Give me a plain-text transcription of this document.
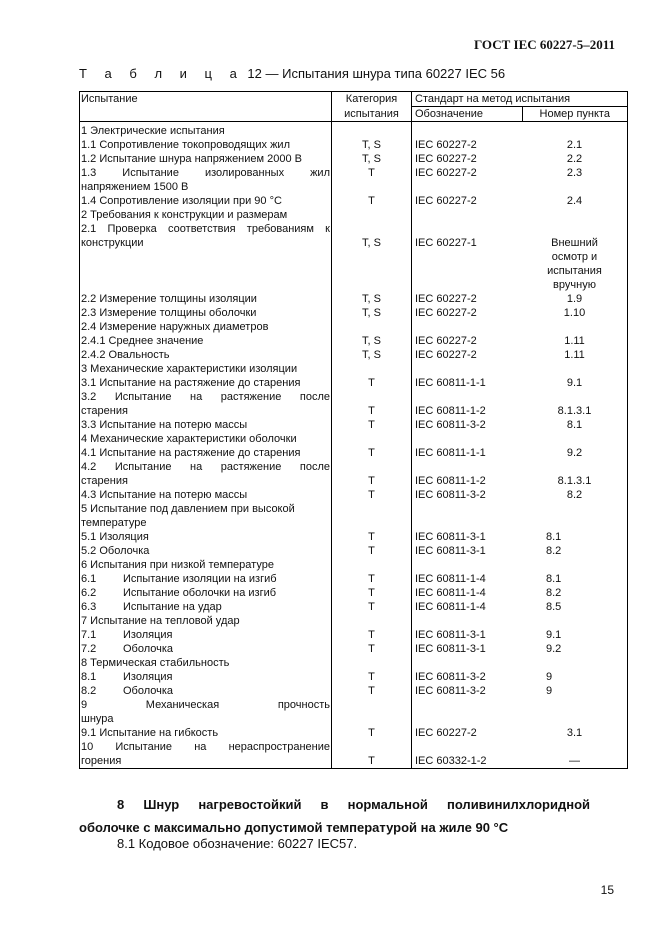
ГОСТ IEC 60227-5–2011
Т а б л и ц а 12 — Испытания шнура типа 60227 IEC 56
Испытание	Категория	Стандарт на метод испытания	
	испытания	Обозначение	Номер пункта
1 Электрические испытания			
1.1 Сопротивление токопроводящих жил	T, S	IEC 60227-2	2.1
1.2 Испытание шнура напряжением 2000 В	T, S	IEC 60227-2	2.2
1.3 Испытание изолированных жил	T	IEC 60227-2	2.3
напряжением 1500 В			
1.4 Сопротивление изоляции при 90 °С	T	IEC 60227-2	2.4
2 Требования к конструкции и размерам			
2.1 Проверка соответствия требованиям к			
конструкции	T, S	IEC 60227-1	Внешний
			осмотр и
			испытания
			вручную
2.2 Измерение толщины изоляции	T, S	IEC 60227-2	1.9
2.3 Измерение толщины оболочки	T, S	IEC 60227-2	1.10
2.4 Измерение наружных диаметров			
2.4.1 Среднее значение	T, S	IEC 60227-2	1.11
2.4.2 Овальность	T, S	IEC 60227-2	1.11
3 Механические характеристики изоляции			
3.1 Испытание на растяжение до старения	T	IEC 60811-1-1	9.1
3.2 Испытание на растяжение после			
старения	T	IEC 60811-1-2	8.1.3.1
3.3 Испытание на потерю массы	T	IEC 60811-3-2	8.1
4 Механические характеристики оболочки			
4.1 Испытание на растяжение до старения	T	IEC 60811-1-1	9.2
4.2 Испытание на растяжение после			
старения	T	IEC 60811-1-2	8.1.3.1
4.3 Испытание на потерю массы	T	IEC 60811-3-2	8.2
5 Испытание под давлением при высокой			
температуре			
5.1 Изоляция	T	IEC 60811-3-1	8.1
5.2 Оболочка	T	IEC 60811-3-1	8.2
6 Испытания при низкой температуре			
6.1 Испытание изоляции на изгиб	T	IEC 60811-1-4	8.1
6.2 Испытание оболочки на изгиб	T	IEC 60811-1-4	8.2
6.3 Испытание на удар	T	IEC 60811-1-4	8.5
7 Испытание на тепловой удар			
7.1 Изоляция	T	IEC 60811-3-1	9.1
7.2 Оболочка	T	IEC 60811-3-1	9.2
8 Термическая стабильность			
8.1 Изоляция	T	IEC 60811-3-2	9
8.2 Оболочка	T	IEC 60811-3-2	9
9 Механическая прочность			
шнура			
9.1 Испытание на гибкость	T	IEC 60227-2	3.1
10 Испытание на нераспространение			
горения	T	IEC 60332-1-2	—
8 Шнур нагревостойкий в нормальной поливинилхлоридной
оболочке с максимально допустимой температурой на жиле 90 °С
8.1 Кодовое обозначение: 60227 IEC57.
15
